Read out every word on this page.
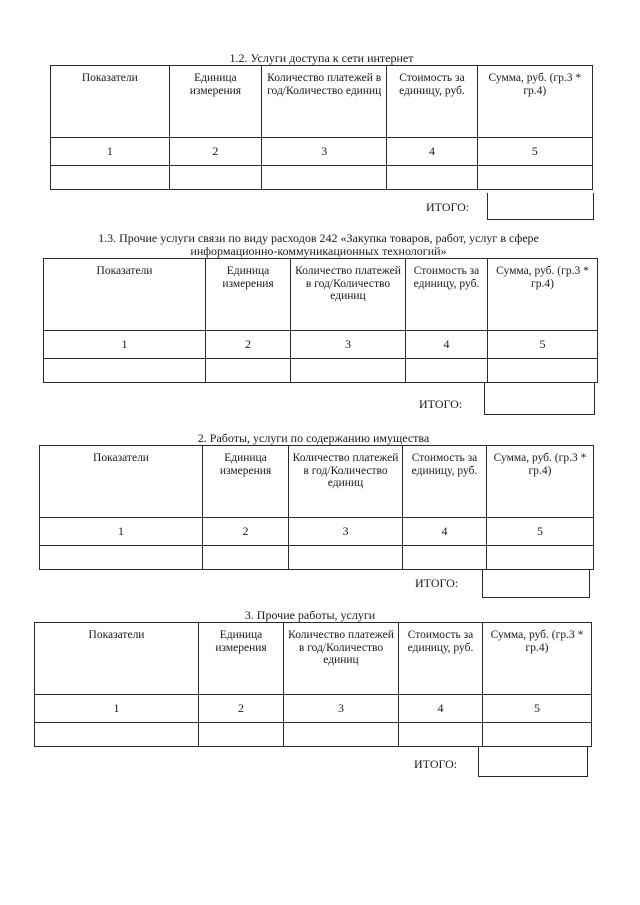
1.2. Услуги доступа к сети интернет
Показатели	Единица измерения	Количество платежей в год/Количество единиц	Стоимость за единицу, руб.	Сумма, руб. (гр.3 * гр.4)
1	2	3	4	5

ИТОГО:
1.3. Прочие услуги связи по виду расходов 242 «Закупка товаров, работ, услуг в сфере
информационно-коммуникационных технологий»
Показатели	Единица измерения	Количество платежей в год/Количество единиц	Стоимость за единицу, руб.	Сумма, руб. (гр.3 * гр.4)
1	2	3	4	5

ИТОГО:
2. Работы, услуги по содержанию имущества
Показатели	Единица измерения	Количество платежей в год/Количество единиц	Стоимость за единицу, руб.	Сумма, руб. (гр.3 * гр.4)
1	2	3	4	5

ИТОГО:
3. Прочие работы, услуги
Показатели	Единица измерения	Количество платежей в год/Количество единиц	Стоимость за единицу, руб.	Сумма, руб. (гр.3 * гр.4)
1	2	3	4	5

ИТОГО:
